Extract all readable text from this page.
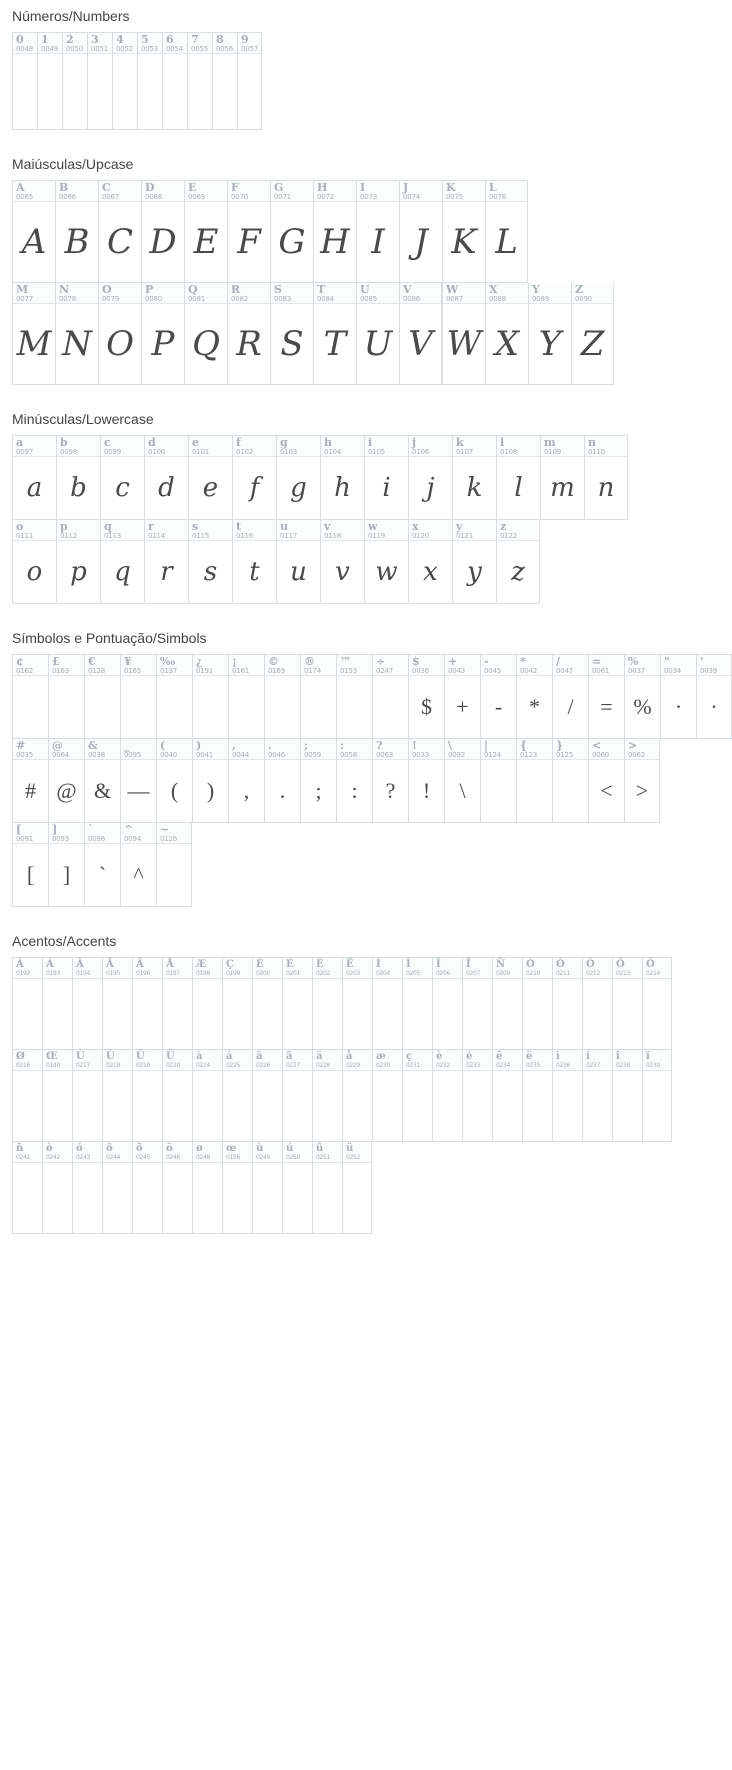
Números/Numbers
0
0048
1
0049
2
0050
3
0051
4
0052
5
0053
6
0054
7
0055
8
0056
9
0057
Maiúsculas/Upcase
A
0065
A
B
0066
B
C
0067
C
D
0068
D
E
0069
E
F
0070
F
G
0071
G
H
0072
H
I
0073
I
J
0074
J
K
0075
K
L
0076
L
M
0077
M
N
0078
N
O
0079
O
P
0080
P
Q
0081
Q
R
0082
R
S
0083
S
T
0084
T
U
0085
U
V
0086
V
W
0087
W
X
0088
X
Y
0089
Y
Z
0090
Z
Minúsculas/Lowercase
a
0097
a
b
0098
b
c
0099
c
d
0100
d
e
0101
e
f
0102
f
g
0103
g
h
0104
h
i
0105
i
j
0106
j
k
0107
k
l
0108
l
m
0109
m
n
0110
n
o
0111
o
p
0112
p
q
0113
q
r
0114
r
s
0115
s
t
0116
t
u
0117
u
v
0118
v
w
0119
w
x
0120
x
y
0121
y
z
0122
z
Símbolos e Pontuação/Simbols
¢
0162
£
0163
€
0128
¥
0165
‰
0137
¿
0191
¡
0161
©
0169
®
0174
™
0153
÷
0247
$
0036
$
+
0043
+
-
0045
-
*
0042
*
/
0047
/
=
0061
=
%
0037
%
"
0034
·
'
0039
·
#
0035
#
@
0064
@
&
0038
&
_
0095
—
(
0040
(
)
0041
)
,
0044
,
.
0046
.
;
0059
;
:
0058
:
?
0063
?
!
0033
!
\
0092
\
|
0124
{
0123
}
0125
<
0060
<
>
0062
>
[
0091
[
]
0093
]
`
0096
`
^
0094
^
~
0126
Acentos/Accents
À
0192
Á
0193
Â
0194
Ã
0195
Ä
0196
Å
0197
Æ
0198
Ç
0199
È
0200
É
0201
Ê
0202
Ë
0203
Ì
0204
Í
0205
Î
0206
Ï
0207
Ñ
0209
Ò
0210
Ó
0211
Ô
0212
Õ
0213
Ö
0214
Ø
0216
Œ
0140
Ù
0217
Ú
0218
Û
0219
Ü
0220
à
0224
á
0225
â
0226
ã
0227
ä
0228
å
0229
æ
0230
ç
0231
è
0232
é
0233
ê
0234
ë
0235
ì
0236
í
0237
î
0238
ï
0239
ñ
0241
ò
0242
ó
0243
ô
0244
õ
0245
ö
0246
ø
0248
œ
0156
ù
0249
ú
0250
û
0251
ü
0252
